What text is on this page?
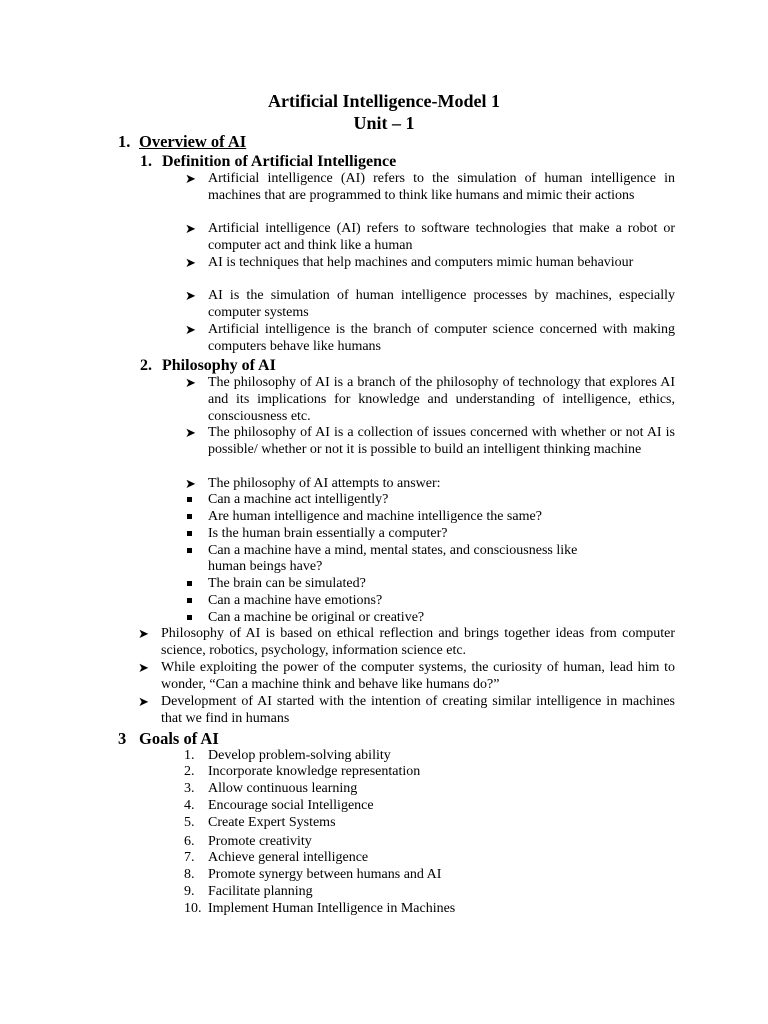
Artificial Intelligence-Model 1
Unit – 1
1. Overview of AI
1. Definition of Artificial Intelligence
➤ Artificial intelligence (AI) refers to the simulation of human intelligence in machines that are programmed to think like humans and mimic their actions
➤ Artificial intelligence (AI) refers to software technologies that make a robot or computer act and think like a human
➤ AI is techniques that help machines and computers mimic human behaviour
➤ AI is the simulation of human intelligence processes by machines, especially computer systems
➤ Artificial intelligence is the branch of computer science concerned with making computers behave like humans
2. Philosophy of AI
➤ The philosophy of AI is a branch of the philosophy of technology that explores AI and its implications for knowledge and understanding of intelligence, ethics, consciousness etc.
➤ The philosophy of AI is a collection of issues concerned with whether or not AI is possible/ whether or not it is possible to build an intelligent thinking machine
➤ The philosophy of AI attempts to answer:
Can a machine act intelligently?
Are human intelligence and machine intelligence the same?
Is the human brain essentially a computer?
Can a machine have a mind, mental states, and consciousness like
human beings have?
The brain can be simulated?
Can a machine have emotions?
Can a machine be original or creative?
➤ Philosophy of AI is based on ethical reflection and brings together ideas from computer science, robotics, psychology, information science etc.
➤ While exploiting the power of the computer systems, the curiosity of human, lead him to wonder, “Can a machine think and behave like humans do?”
➤ Development of AI started with the intention of creating similar intelligence in machines that we find in humans
3 Goals of AI
1. Develop problem-solving ability
2. Incorporate knowledge representation
3. Allow continuous learning
4. Encourage social Intelligence
5. Create Expert Systems
6. Promote creativity
7. Achieve general intelligence
8. Promote synergy between humans and AI
9. Facilitate planning
10. Implement Human Intelligence in Machines
